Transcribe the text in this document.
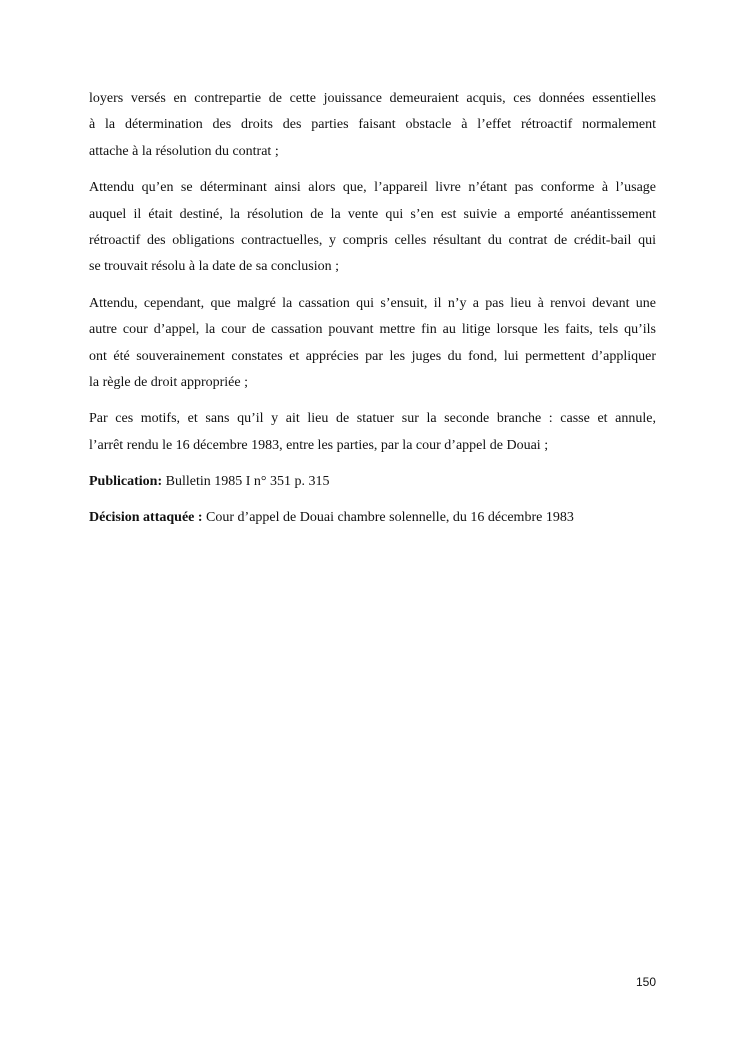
loyers versés en contrepartie de cette jouissance demeuraient acquis, ces données essentielles
à la détermination des droits des parties faisant obstacle à l’effet rétroactif normalement
attache à la résolution du contrat ;
Attendu qu’en se déterminant ainsi alors que, l’appareil livre n’étant pas conforme à l’usage
auquel il était destiné, la résolution de la vente qui s’en est suivie a emporté anéantissement
rétroactif des obligations contractuelles, y compris celles résultant du contrat de crédit-bail qui
se trouvait résolu à la date de sa conclusion ;
Attendu, cependant, que malgré la cassation qui s’ensuit, il n’y a pas lieu à renvoi devant une
autre cour d’appel, la cour de cassation pouvant mettre fin au litige lorsque les faits, tels qu’ils
ont été souverainement constates et apprécies par les juges du fond, lui permettent d’appliquer
la règle de droit appropriée ;
Par ces motifs, et sans qu’il y ait lieu de statuer sur la seconde branche : casse et annule,
l’arrêt rendu le 16 décembre 1983, entre les parties, par la cour d’appel de Douai ;
Publication: Bulletin 1985 I n° 351 p. 315
Décision attaquée : Cour d’appel de Douai chambre solennelle, du 16 décembre 1983
150
